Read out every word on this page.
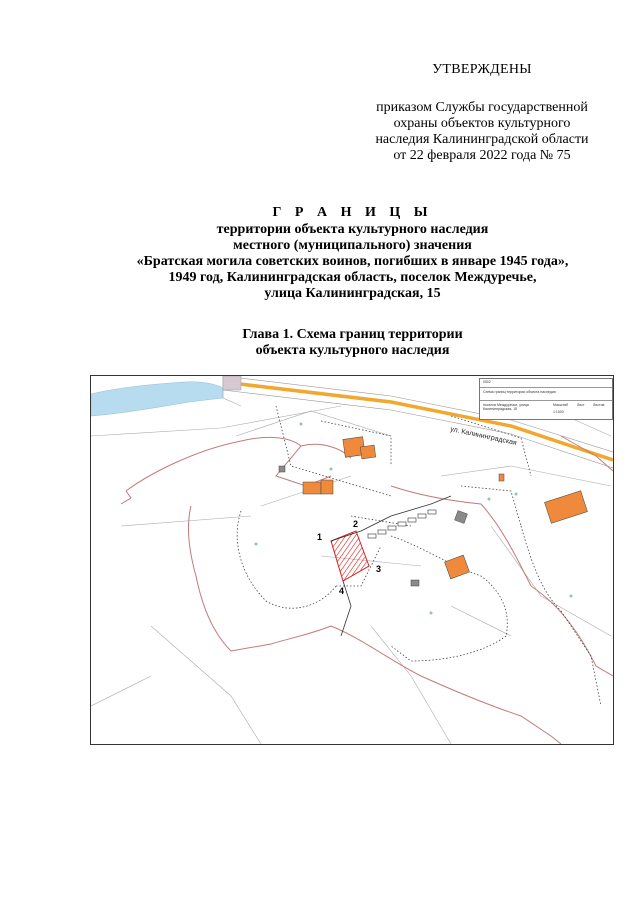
УТВЕРЖДЕНЫ
приказом Службы государственной
охраны объектов культурного
наследия Калининградской области
от 22 февраля 2022 года № 75
Г Р А Н И Ц Ы
территории объекта культурного наследия
местного (муниципального) значения
«Братская могила советских воинов, погибших в январе 1945 года»,
1949 год, Калининградская область, поселок Междуречье,
улица Калининградская, 15
Глава 1. Схема границ территории
объекта культурного наследия
1
2
3
4
ул. Калининградская
0502
Схема границ территории объекта наследия
поселок Междуречье, улица Калининградская, 15
Масштаб
1:1000
Лист Листов
